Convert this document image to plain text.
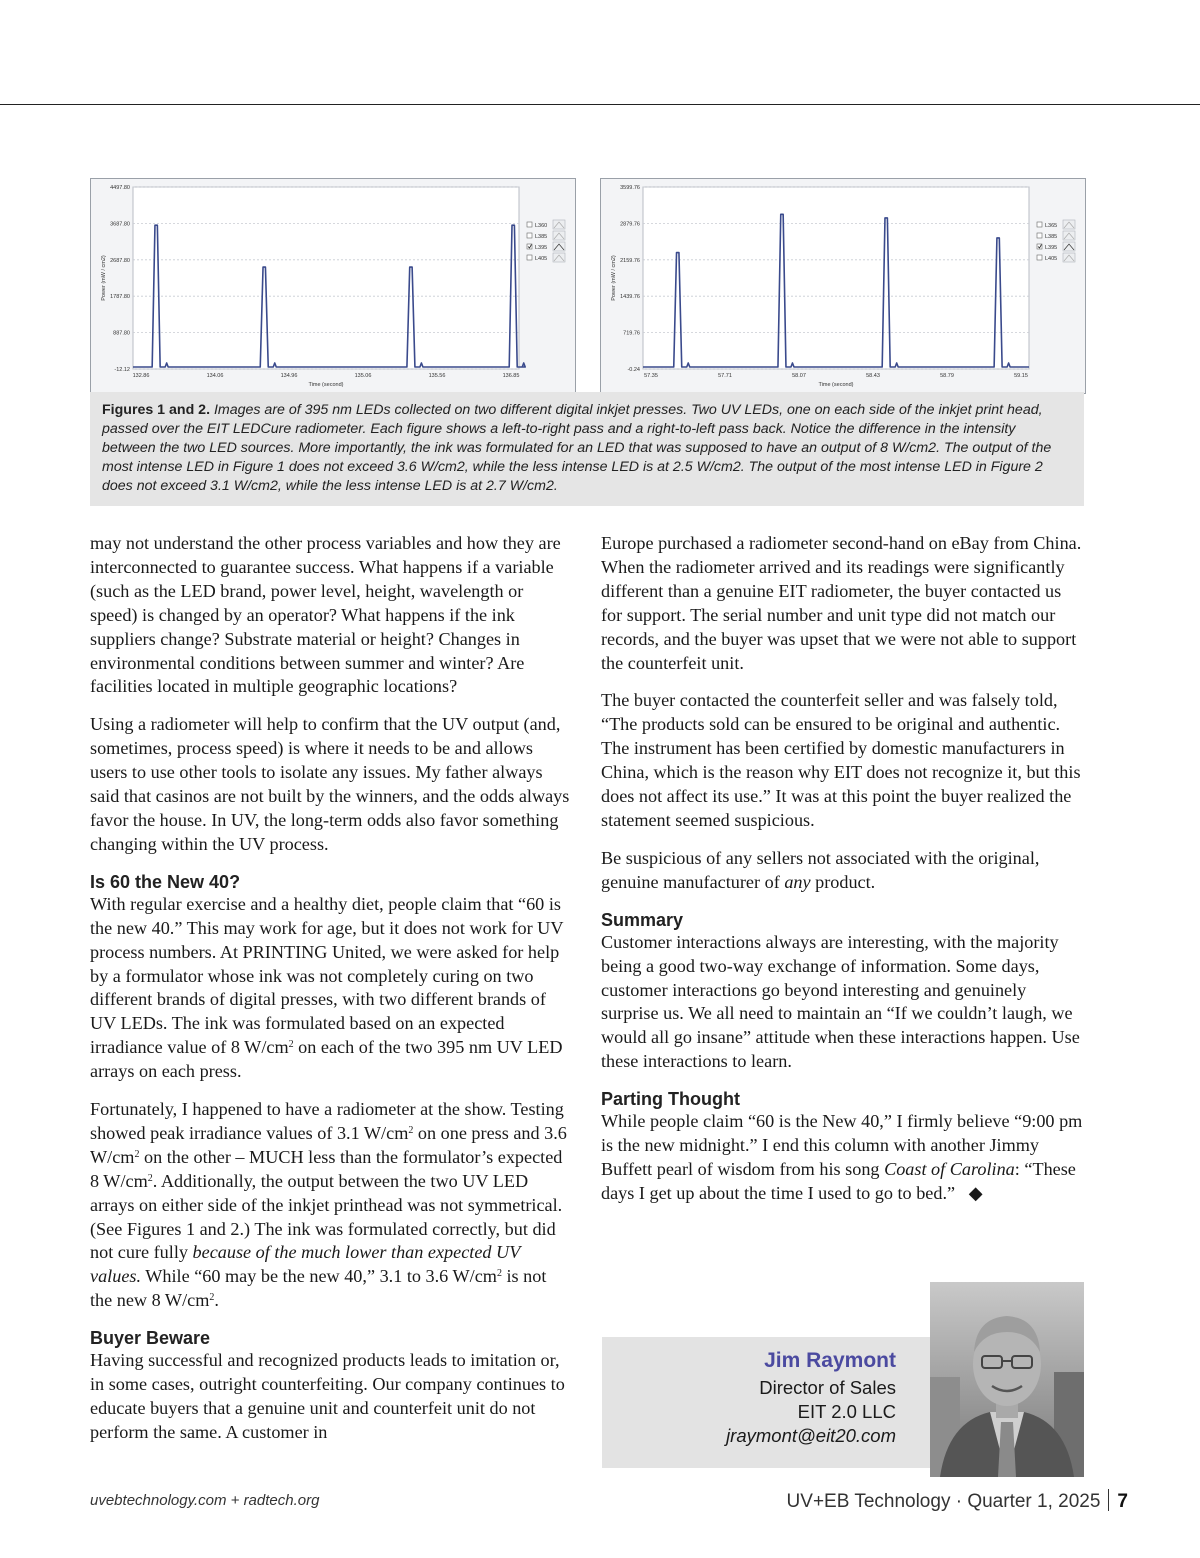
4497.80
3687.80
2687.80
1787.80
887.80
-12.12
132.86	134.06	134.96	135.06	135.56	136.85
Time (second)
Power (mW / cm2)
L360
L385
L395
L405
3599.76
2879.76
2159.76
1439.76
719.76
-0.24
57.35	57.71	58.07	58.43	58.79	59.15
Time (second)
Power (mW / cm2)
L365
L385
L395
L405
Figures 1 and 2. Images are of 395 nm LEDs collected on two different digital inkjet presses. Two UV LEDs, one on each side of the inkjet print head, passed over the EIT LEDCure radiometer. Each figure shows a left-to-right pass and a right-to-left pass back. Notice the difference in the intensity between the two LED sources. More importantly, the ink was formulated for an LED that was supposed to have an output of 8 W/cm2. The output of the most intense LED in Figure 1 does not exceed 3.6 W/cm2, while the less intense LED is at 2.5 W/cm2. The output of the most intense LED in Figure 2 does not exceed 3.1 W/cm2, while the less intense LED is at 2.7 W/cm2.

may not understand the other process variables and how they are interconnected to guarantee success. What happens if a variable (such as the LED brand, power level, height, wavelength or speed) is changed by an operator? What happens if the ink suppliers change? Substrate material or height? Changes in environmental conditions between summer and winter? Are facilities located in multiple geographic locations?

Using a radiometer will help to confirm that the UV output (and, sometimes, process speed) is where it needs to be and allows users to use other tools to isolate any issues. My father always said that casinos are not built by the winners, and the odds always favor the house. In UV, the long-term odds also favor something changing within the UV process.

Is 60 the New 40?

With regular exercise and a healthy diet, people claim that “60 is the new 40.” This may work for age, but it does not work for UV process numbers. At PRINTING United, we were asked for help by a formulator whose ink was not completely curing on two different brands of digital presses, with two different brands of UV LEDs. The ink was formulated based on an expected irradiance value of 8 $W/cm^2$ on each of the two 395 nm UV LED arrays on each press.

Fortunately, I happened to have a radiometer at the show. Testing showed peak irradiance values of 3.1 $W/cm^2$ on one press and 3.6 $W/cm^2$ on the other – MUCH less than the formulator’s expected 8 $W/cm^2$. Additionally, the output between the two UV LED arrays on either side of the inkjet printhead was not symmetrical. (See Figures 1 and 2.) The ink was formulated correctly, but did not cure fully because of the much lower than expected UV values. While “60 may be the new 40,” 3.1 to 3.6 $W/cm^2$ is not the new 8 $W/cm^2$.

Buyer Beware

Having successful and recognized products leads to imitation or, in some cases, outright counterfeiting. Our company continues to educate buyers that a genuine unit and counterfeit unit do not perform the same. A customer in

Europe purchased a radiometer second-hand on eBay from China. When the radiometer arrived and its readings were significantly different than a genuine EIT radiometer, the buyer contacted us for support. The serial number and unit type did not match our records, and the buyer was upset that we were not able to support the counterfeit unit.

The buyer contacted the counterfeit seller and was falsely told, “The products sold can be ensured to be original and authentic. The instrument has been certified by domestic manufacturers in China, which is the reason why EIT does not recognize it, but this does not affect its use.” It was at this point the buyer realized the statement seemed suspicious.

Be suspicious of any sellers not associated with the original, genuine manufacturer of any product.

Summary

Customer interactions always are interesting, with the majority being a good two-way exchange of information. Some days, customer interactions go beyond interesting and genuinely surprise us. We all need to maintain an “If we couldn’t laugh, we would all go insane” attitude when these interactions happen. Use these interactions to learn.

Parting Thought

While people claim “60 is the New 40,” I firmly believe “9:00 pm is the new midnight.” I end this column with another Jimmy Buffett pearl of wisdom from his song Coast of Carolina: “These days I get up about the time I used to go to bed.” ◆

Jim Raymont
Director of Sales
EIT 2.0 LLC
jraymont@eit20.com
uvebtechnology.com + radtech.org	UV+EB Technology · Quarter 1, 2025 7
